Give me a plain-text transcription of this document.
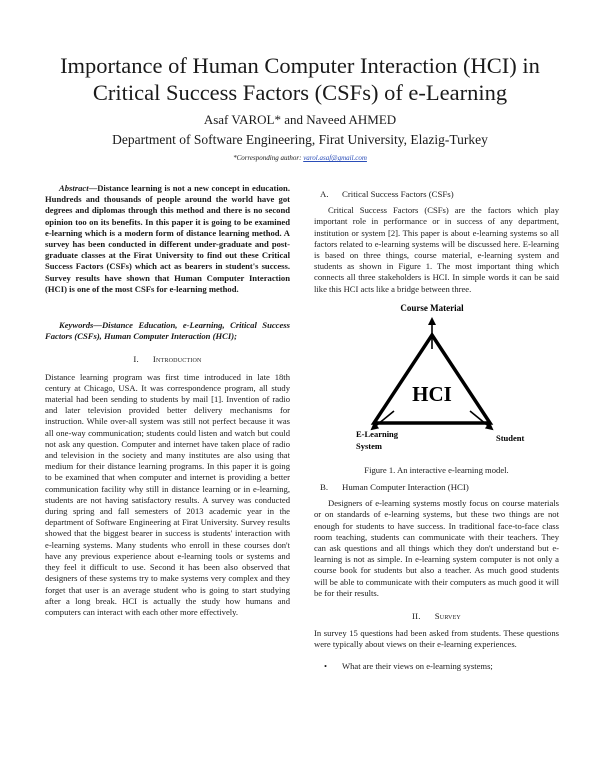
Importance of Human Computer Interaction (HCI) in
Critical Success Factors (CSFs) of e-Learning
Asaf VAROL* and Naveed AHMED
Department of Software Engineering, Firat University, Elazig-Turkey
*Corresponding author: varol.asaf@gmail.com

Abstract—Distance learning is not a new concept in education. Hundreds and thousands of people around the world have got degrees and diplomas through this method and there is no second opinion too on its benefits. In this paper it is going to be examined e-learning which is a modern form of distance learning method. A survey has been conducted in different under-graduate and post-graduate classes at the Firat University to find out these Critical Success Factors (CSFs) which act as bearers in student's success. Survey results have shown that Human Computer Interaction (HCI) is one of the most CSFs for e-learning method.

Keywords—Distance Education, e-Learning, Critical Success Factors (CSFs), Human Computer Interaction (HCI);

I. Introduction

Distance learning program was first time introduced in late 18th century at Chicago, USA. It was correspondence program, all study material had been sending to students by mail [1]. Invention of radio and later television provided better delivery mechanisms for instruction. While over-all system was still not perfect because it was all one-way communication; students could listen and watch but could not ask any question. Computer and internet have taken place of radio and television in the society and many institutes are also using that medium for their distance learning programs. In this paper it is going to be examined that when computer and internet is providing a better communication facility why still in distance learning or in e-learning, students are not having satisfactory results. A survey was conducted during spring and fall semesters of 2013 academic year in the department of Software Engineering at Firat University. Survey results showed that the biggest bearer in success is students' interaction with e-learning systems. Many students who enroll in these courses don't have any previous experience about e-learning tools or systems and they feel it difficult to use. Second it has been also observed that designers of these systems try to make systems very complex and they forget that user is an average student who is going to start studying after a long break. HCI is actually the study how humans and computers can interact with each other more effectively.

A. Critical Success Factors (CSFs)

Critical Success Factors (CSFs) are the factors which play important role in performance or in success of any department, institution or system [2]. This paper is about e-learning systems so all factors related to e-learning systems will be discussed here. E-learning is based on three things, course material, e-learning system and students as shown in Figure 1. The most important thing which connects all three stakeholders is HCI. In simple words it can be said like this HCI acts like a bridge between three.

Course Material
HCI
E-Learning
System
Student

Figure 1. An interactive e-learning model.

B. Human Computer Interaction (HCI)

Designers of e-learning systems mostly focus on course materials or on standards of e-learning systems, but these two things are not enough for students to have success. In traditional face-to-face class room teaching, students can communicate with their teachers. They can ask questions and all things which they don't understand but e-learning is not as simple. In e-learning system computer is not only a course book for students but also a teacher. As much good students will be able to communicate with their computers as much good it will be for their results.

II. Survey

In survey 15 questions had been asked from students. These questions were typically about views on their e-learning experiences.

• What are their views on e-learning systems;
